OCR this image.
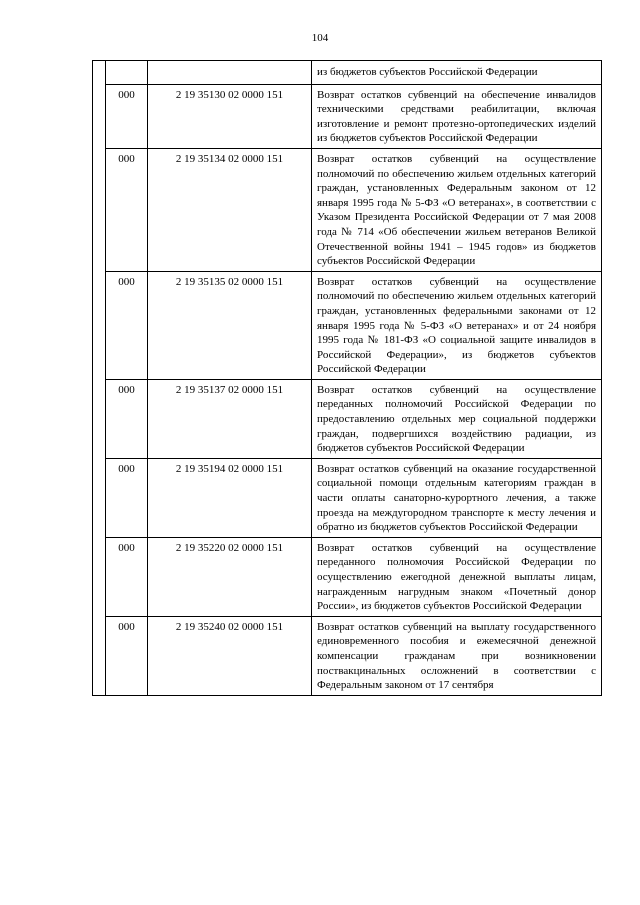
104
			из бюджетов субъектов Российской Федерации
	000	2 19 35130 02 0000 151	Возврат остатков субвенций на обеспечение инвалидов техническими средствами реабилитации, включая изготовление и ремонт протезно-ортопедических изделий из бюджетов субъектов Российской Федерации
	000	2 19 35134 02 0000 151	Возврат остатков субвенций на осуществление полномочий по обеспечению жильем отдельных категорий граждан, установленных Федеральным законом от 12 января 1995 года № 5-ФЗ «О ветеранах», в соответствии с Указом Президента Российской Федерации от 7 мая 2008 года № 714 «Об обеспечении жильем ветеранов Великой Отечественной войны 1941 – 1945 годов» из бюджетов субъектов Российской Федерации
	000	2 19 35135 02 0000 151	Возврат остатков субвенций на осуществление полномочий по обеспечению жильем отдельных категорий граждан, установленных федеральными законами от 12 января 1995 года № 5-ФЗ «О ветеранах» и от 24 ноября 1995 года № 181-ФЗ «О социальной защите инвалидов в Российской Федерации», из бюджетов субъектов Российской Федерации
	000	2 19 35137 02 0000 151	Возврат остатков субвенций на осуществление переданных полномочий Российской Федерации по предоставлению отдельных мер социальной поддержки граждан, подвергшихся воздействию радиации, из бюджетов субъектов Российской Федерации
	000	2 19 35194 02 0000 151	Возврат остатков субвенций на оказание государственной социальной помощи отдельным категориям граждан в части оплаты санаторно-курортного лечения, а также проезда на междугородном транспорте к месту лечения и обратно из бюджетов субъектов Российской Федерации
	000	2 19 35220 02 0000 151	Возврат остатков субвенций на осуществление переданного полномочия Российской Федерации по осуществлению ежегодной денежной выплаты лицам, награжденным нагрудным знаком «Почетный донор России», из бюджетов субъектов Российской Федерации
	000	2 19 35240 02 0000 151	Возврат остатков субвенций на выплату государственного единовременного пособия и ежемесячной денежной компенсации гражданам при возникновении поствакцинальных осложнений в соответствии с Федеральным законом от 17 сентября
